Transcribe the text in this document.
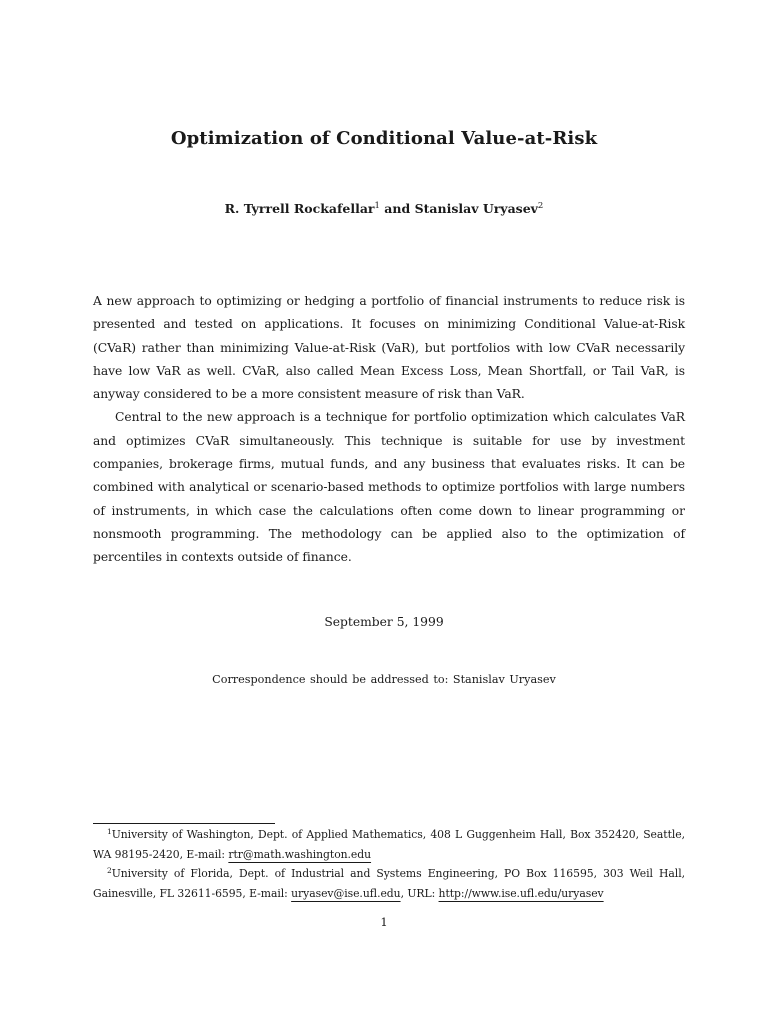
Optimization of Conditional Value-at-Risk
R. Tyrrell Rockafellar$^1$ and Stanislav Uryasev$^2$

A new approach to optimizing or hedging a portfolio of financial instruments to reduce risk is presented and tested on applications. It focuses on minimizing Conditional Value-at-Risk (CVaR) rather than minimizing Value-at-Risk (VaR), but portfolios with low CVaR necessarily have low VaR as well. CVaR, also called Mean Excess Loss, Mean Shortfall, or Tail VaR, is anyway considered to be a more consistent measure of risk than VaR.

Central to the new approach is a technique for portfolio optimization which calculates VaR and optimizes CVaR simultaneously. This technique is suitable for use by investment companies, brokerage firms, mutual funds, and any business that evaluates risks. It can be combined with analytical or scenario-based methods to optimize portfolios with large numbers of instruments, in which case the calculations often come down to linear programming or nonsmooth programming. The methodology can be applied also to the optimization of percentiles in contexts outside of finance.

September 5, 1999
Correspondence should be addressed to: Stanislav Uryasev

$^1$University of Washington, Dept. of Applied Mathematics, 408 L Guggenheim Hall, Box 352420, Seattle, WA 98195-2420, E-mail: rtr@math.washington.edu

$^2$University of Florida, Dept. of Industrial and Systems Engineering, PO Box 116595, 303 Weil Hall, Gainesville, FL 32611-6595, E-mail: uryasev@ise.ufl.edu, URL: http://www.ise.ufl.edu/uryasev

1
